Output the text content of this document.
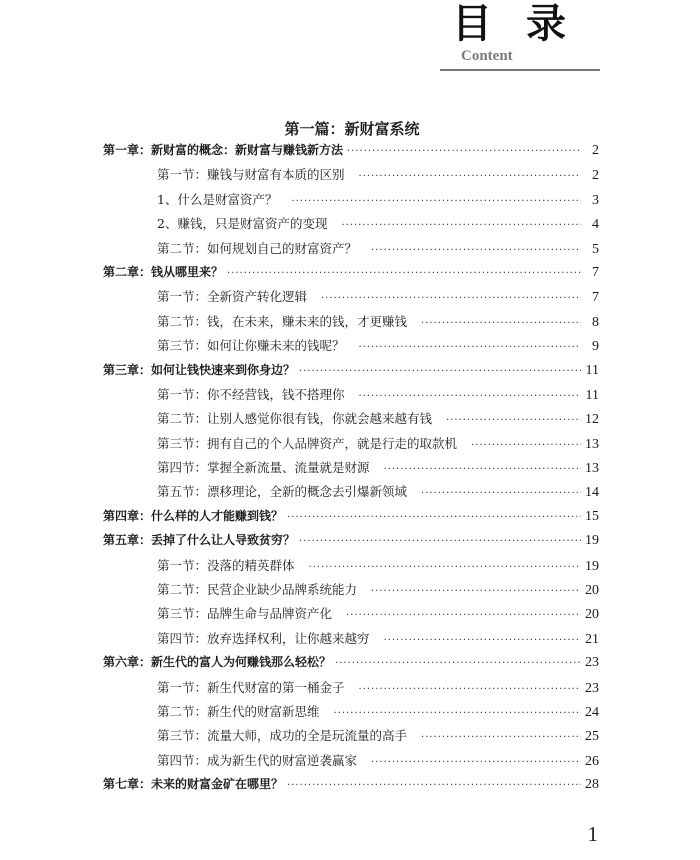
目录
Content
第一篇：新财富系统
第一章：新财富的概念：新财富与赚钱新方法 ·····	2
第一节：赚钱与财富有本质的区别 ·····	2
1、什么是财富资产？ ·····	3
2、赚钱，只是财富资产的变现 ·····	4
第二节：如何规划自己的财富资产？ ·····	5
第二章：钱从哪里来？ ·····	7
第一节：全新资产转化逻辑 ·····	7
第二节：钱，在未来，赚未来的钱，才更赚钱 ·····	8
第三节：如何让你赚未来的钱呢？ ·····	9
第三章：如何让钱快速来到你身边？ ·····	11
第一节：你不经营钱，钱不搭理你 ·····	11
第二节：让别人感觉你很有钱，你就会越来越有钱 ·····	12
第三节：拥有自己的个人品牌资产，就是行走的取款机 ·····	13
第四节：掌握全新流量、流量就是财源 ·····	13
第五节：漂移理论，全新的概念去引爆新领域 ·····	14
第四章：什么样的人才能赚到钱？ ·····	15
第五章：丢掉了什么让人导致贫穷？ ·····	19
第一节：没落的精英群体 ·····	19
第二节：民营企业缺少品牌系统能力 ·····	20
第三节：品牌生命与品牌资产化 ·····	20
第四节：放弃选择权利，让你越来越穷 ·····	21
第六章：新生代的富人为何赚钱那么轻松？ ·····	23
第一节：新生代财富的第一桶金子 ·····	23
第二节：新生代的财富新思维 ·····	24
第三节：流量大师，成功的全是玩流量的高手 ·····	25
第四节：成为新生代的财富逆袭赢家 ·····	26
第七章：未来的财富金矿在哪里？ ·····	28
1
